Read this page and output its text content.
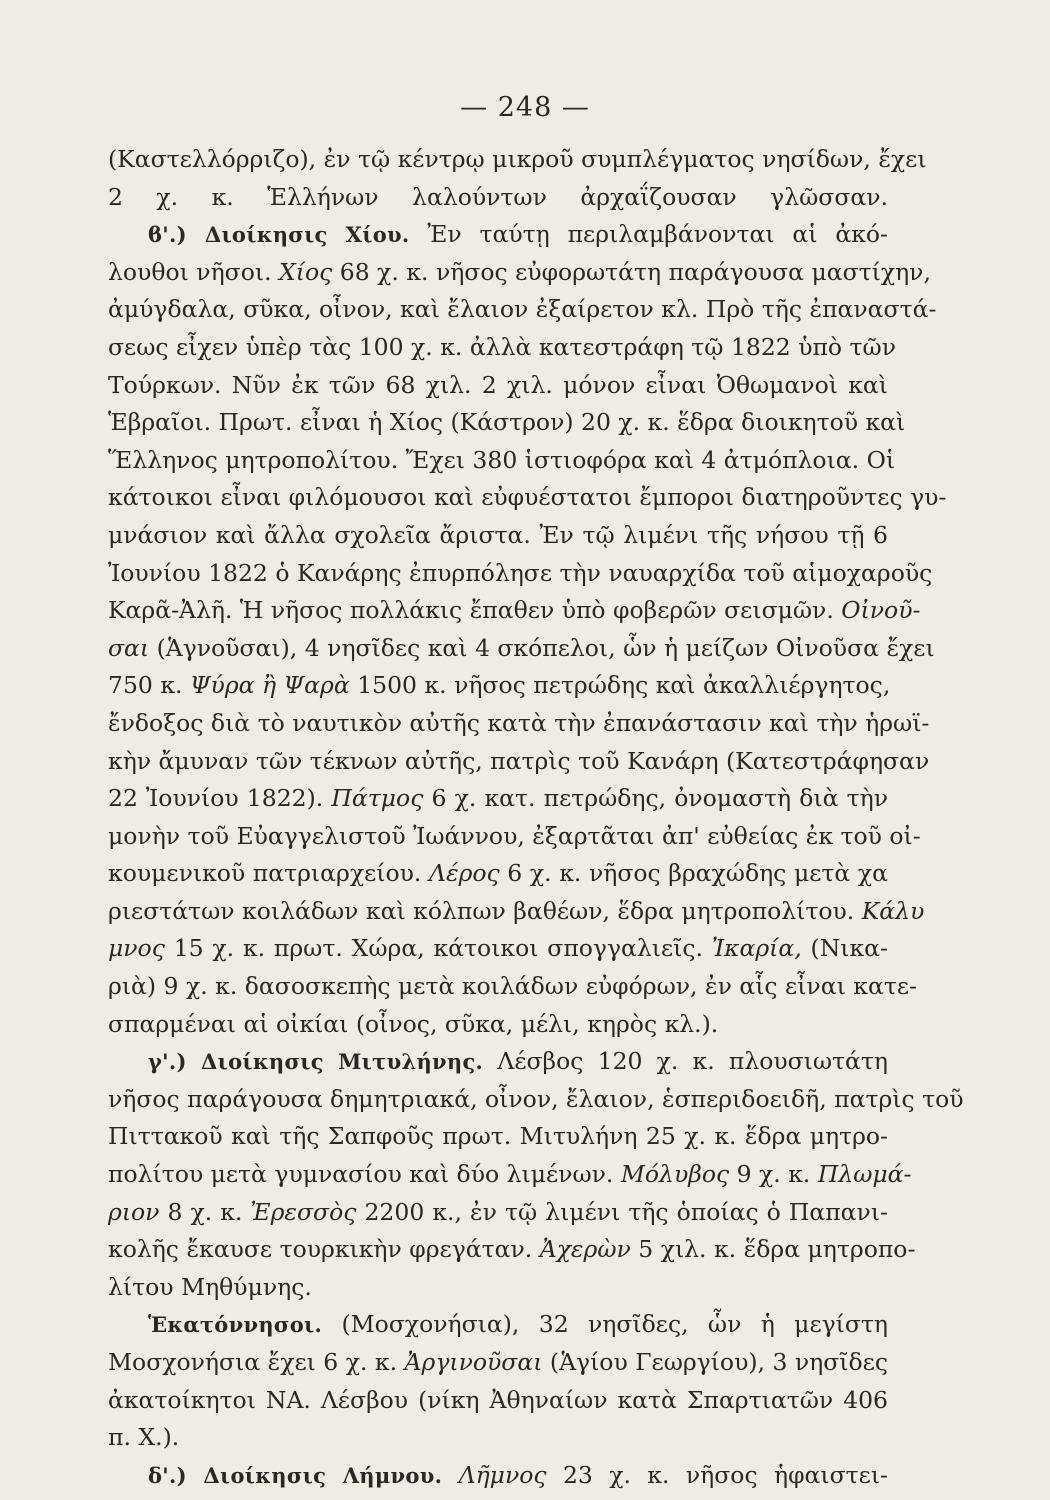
— 248 —
(Καστελλόρριζο), ἐν τῷ κέντρῳ μικροῦ συμπλέγματος νησίδων, ἔχει
2 χ. κ. Ἑλλήνων λαλούντων ἀρχαΐζουσαν γλῶσσαν.
ϐ'.) Διοίκησις Χίου. Ἐν ταύτῃ περιλαμβάνονται αἱ ἀκό-
λουθοι νῆσοι. Χίος 68 χ. κ. νῆσος εὐφορωτάτη παράγουσα μαστίχην,
ἀμύγδαλα, σῦκα, οἶνον, καὶ ἔλαιον ἐξαίρετον κλ. Πρὸ τῆς ἐπαναστά-
σεως εἶχεν ὑπὲρ τὰς 100 χ. κ. ἀλλὰ κατεστράφη τῷ 1822 ὑπὸ τῶν
Τούρκων. Νῦν ἐκ τῶν 68 χιλ. 2 χιλ. μόνον εἶναι Ὀθωμανοὶ καὶ
Ἑβραῖοι. Πρωτ. εἶναι ἡ Χίος (Κάστρον) 20 χ. κ. ἕδρα διοικητοῦ καὶ
Ἕλληνος μητροπολίτου. Ἔχει 380 ἱστιοφόρα καὶ 4 ἀτμόπλοια. Οἱ
κάτοικοι εἶναι φιλόμουσοι καὶ εὐφυέστατοι ἔμποροι διατηροῦντες γυ-
μνάσιον καὶ ἄλλα σχολεῖα ἄριστα. Ἐν τῷ λιμένι τῆς νήσου τῇ 6
Ἰουνίου 1822 ὁ Κανάρης ἐπυρπόλησε τὴν ναυαρχίδα τοῦ αἱμοχαροῦς
Καρᾶ-Ἀλῆ. Ἡ νῆσος πολλάκις ἔπαθεν ὑπὸ φοβερῶν σεισμῶν. Οἰνοῦ-
σαι (Ἁγνοῦσαι), 4 νησῖδες καὶ 4 σκόπελοι, ὧν ἡ μείζων Οἰνοῦσα ἔχει
750 κ. Ψύρα ἢ Ψαρὰ 1500 κ. νῆσος πετρώδης καὶ ἀκαλλιέργητος,
ἔνδοξος διὰ τὸ ναυτικὸν αὐτῆς κατὰ τὴν ἐπανάστασιν καὶ τὴν ἡρωϊ-
κὴν ἄμυναν τῶν τέκνων αὐτῆς, πατρὶς τοῦ Κανάρη (Κατεστράφησαν
22 Ἰουνίου 1822). Πάτμος 6 χ. κατ. πετρώδης, ὀνομαστὴ διὰ τὴν
μονὴν τοῦ Εὐαγγελιστοῦ Ἰωάννου, ἐξαρτᾶται ἀπ' εὐθείας ἐκ τοῦ οἰ-
κουμενικοῦ πατριαρχείου. Λέρος 6 χ. κ. νῆσος βραχώδης μετὰ χα
ριεστάτων κοιλάδων καὶ κόλπων βαθέων, ἕδρα μητροπολίτου. Κάλυ
μνος 15 χ. κ. πρωτ. Χώρα, κάτοικοι σπογγαλιεῖς. Ἰκαρία, (Νικα-
ριὰ) 9 χ. κ. δασοσκεπὴς μετὰ κοιλάδων εὐφόρων, ἐν αἷς εἶναι κατε-
σπαρμέναι αἱ οἰκίαι (οἶνος, σῦκα, μέλι, κηρὸς κλ.).
γ'.) Διοίκησις Μιτυλήνης. Λέσβος 120 χ. κ. πλουσιωτάτη
νῆσος παράγουσα δημητριακά, οἶνον, ἔλαιον, ἑσπεριδοειδῆ, πατρὶς τοῦ
Πιττακοῦ καὶ τῆς Σαπφοῦς πρωτ. Μιτυλήνη 25 χ. κ. ἕδρα μητρο-
πολίτου μετὰ γυμνασίου καὶ δύο λιμένων. Μόλυβος 9 χ. κ. Πλωμά-
ριον 8 χ. κ. Ἐρεσσὸς 2200 κ., ἐν τῷ λιμένι τῆς ὁποίας ὁ Παπανι-
κολῆς ἔκαυσε τουρκικὴν φρεγάταν. Ἀχερὼν 5 χιλ. κ. ἕδρα μητροπο-
λίτου Μηθύμνης.
Ἑκατόννησοι. (Μοσχονήσια), 32 νησῖδες, ὧν ἡ μεγίστη
Μοσχονήσια ἔχει 6 χ. κ. Ἀργινοῦσαι (Ἁγίου Γεωργίου), 3 νησῖδες
ἀκατοίκητοι ΝΑ. Λέσβου (νίκη Ἀθηναίων κατὰ Σπαρτιατῶν 406
π. Χ.).
δ'.) Διοίκησις Λήμνου. Λῆμνος 23 χ. κ. νῆσος ἡφαιστει-
